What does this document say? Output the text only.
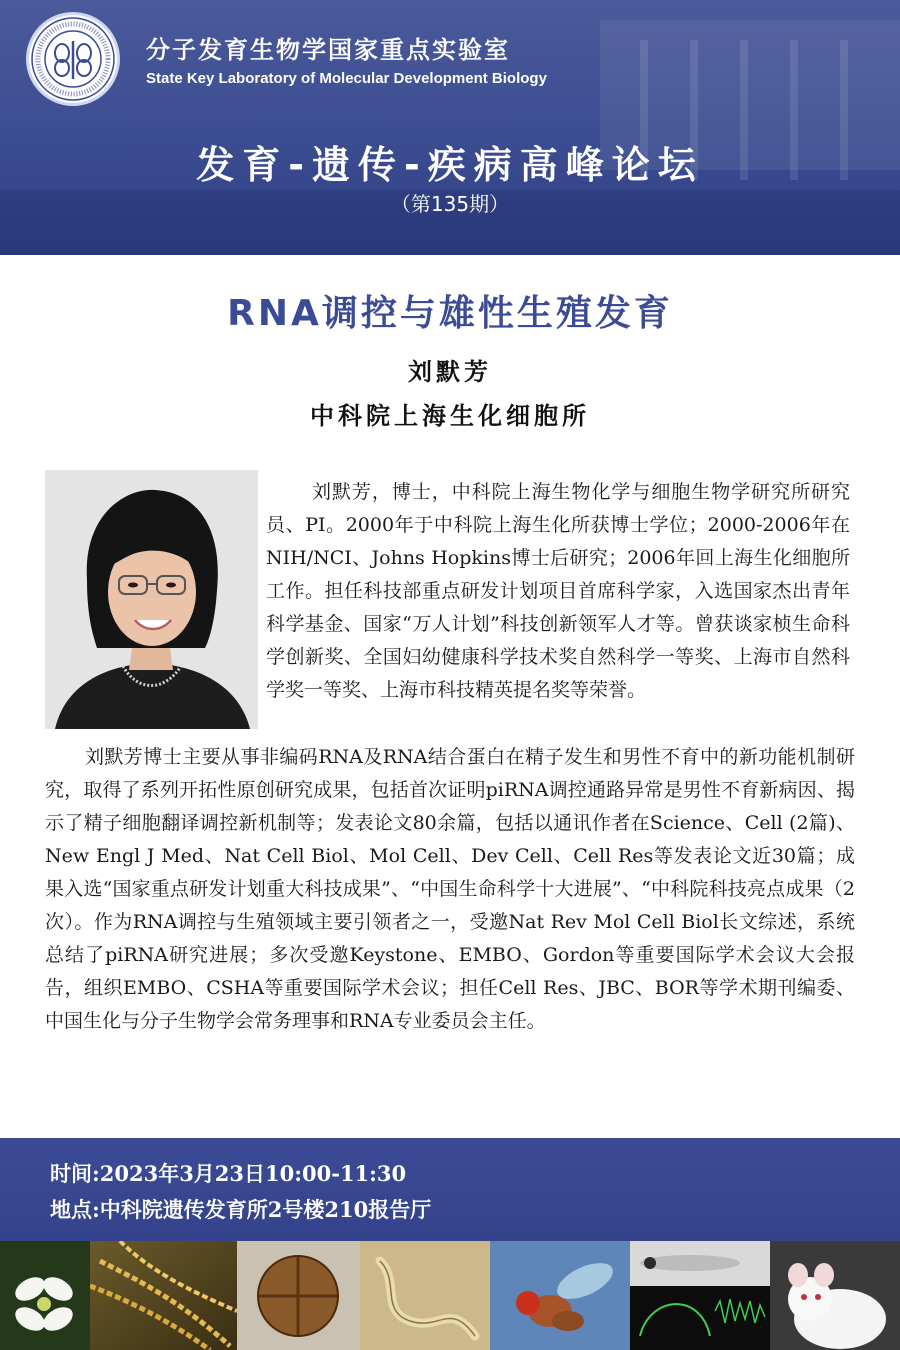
分子发育生物学国家重点实验室
State Key Laboratory of Molecular Development Biology
发育-遗传-疾病高峰论坛
（第135期）
RNA调控与雄性生殖发育
刘默芳
中科院上海生化细胞所

刘默芳，博士，中科院上海生物化学与细胞生物学研究所研究员、PI。2000年于中科院上海生化所获博士学位；2000-2006年在NIH/NCI、Johns Hopkins博士后研究；2006年回上海生化细胞所工作。担任科技部重点研发计划项目首席科学家，入选国家杰出青年科学基金、国家“万人计划”科技创新领军人才等。曾获谈家桢生命科学创新奖、全国妇幼健康科学技术奖自然科学一等奖、上海市自然科学奖一等奖、上海市科技精英提名奖等荣誉。

刘默芳博士主要从事非编码RNA及RNA结合蛋白在精子发生和男性不育中的新功能机制研究，取得了系列开拓性原创研究成果，包括首次证明piRNA调控通路异常是男性不育新病因、揭示了精子细胞翻译调控新机制等；发表论文80余篇，包括以通讯作者在Science、Cell (2篇)、New Engl J Med、Nat Cell Biol、Mol Cell、Dev Cell、Cell Res等发表论文近30篇；成果入选“国家重点研发计划重大科技成果”、“中国生命科学十大进展”、“中科院科技亮点成果（2次）。作为RNA调控与生殖领域主要引领者之一，受邀Nat Rev Mol Cell Biol长文综述，系统总结了piRNA研究进展；多次受邀Keystone、EMBO、Gordon等重要国际学术会议大会报告，组织EMBO、CSHA等重要国际学术会议；担任Cell Res、JBC、BOR等学术期刊编委、中国生化与分子生物学会常务理事和RNA专业委员会主任。

时间:2023年3月23日10:00-11:30
地点:中科院遗传发育所2号楼210报告厅
